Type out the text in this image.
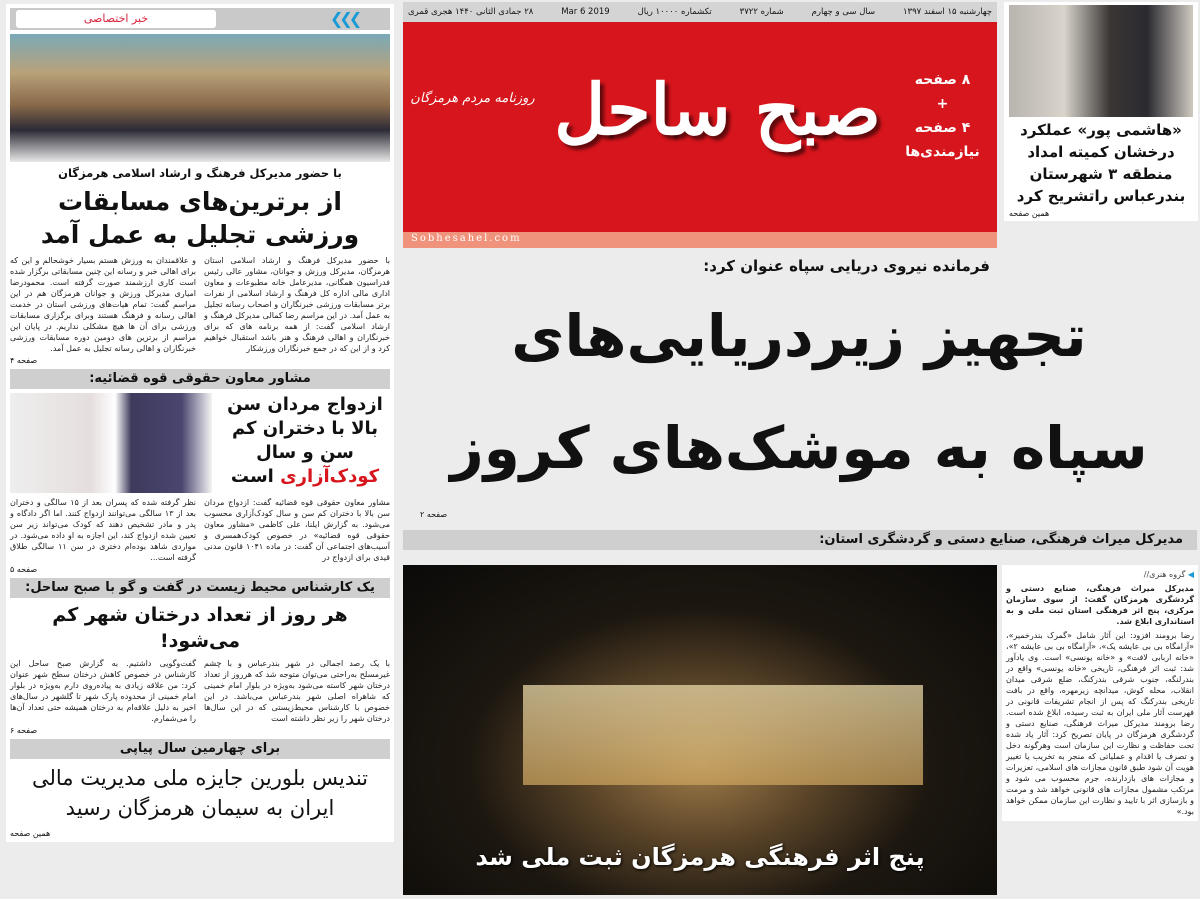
❮❮❮
خبر اختصاصی
با حضور مدیرکل فرهنگ و ارشاد اسلامی هرمزگان
از برترین‌های مسابقات ورزشی تجلیل به عمل آمد
با حضور مدیرکل فرهنگ و ارشاد اسلامی استان هرمزگان، مدیرکل ورزش و جوانان، مشاور عالی رئیس فدراسیون همگانی، مدیرعامل خانه مطبوعات و معاون اداری مالی اداره کل فرهنگ و ارشاد اسلامی از نفرات برتر مسابقات ورزشی خبرنگاران و اصحاب رسانه تجلیل به عمل آمد. در این مراسم رضا کمالی مدیرکل فرهنگ و ارشاد اسلامی گفت: از همه برنامه های که برای خبرنگاران و اهالی فرهنگ و هنر باشد استقبال خواهیم کرد و از این که در جمع خبرنگاران ورزشکار
و علاقمندان به ورزش هستم بسیار خوشحالم و این که برای اهالی خبر و رسانه این چنین مسابقاتی برگزار شده است کاری ارزشمند صورت گرفته است. محمودرضا امیاری مدیرکل ورزش و جوانان هرمزگان هم در این مراسم گفت: تمام هیات‌های ورزشی استان در خدمت اهالی رسانه و فرهنگ هستند وبرای برگزاری مسابقات ورزشی برای آن ها هیچ مشکلی نداریم. در پایان این مراسم از برترین های دومین دوره مسابقات ورزشی خبرنگاران و اهالی رسانه تجلیل به عمل آمد.
صفحه ۴
مشاور معاون حقوقی قوه قضائیه:
ازدواج مردان سن بالا با دختران کم سن و سال
کودک‌آزاری است
مشاور معاون حقوقی قوه قضائیه گفت: ازدواج مردان سن بالا با دختران کم سن و سال کودک‌آزاری محسوب می‌شود. به گزارش ایلنا، علی کاظمی «مشاور معاون حقوقی قوه قضائیه» در خصوص کودک‌همسری و آسیب‌های اجتماعی آن گفت: در ماده ۱۰۴۱ قانون مدنی قیدی برای ازدواج در
نظر گرفته شده که پسران بعد از ۱۵ سالگی و دختران بعد از ۱۳ سالگی می‌توانند ازدواج کنند. اما اگر دادگاه و پدر و مادر تشخیص دهند که کودک می‌تواند زیر سن تعیین شده ازدواج کند، این اجازه به او داده می‌شود. در مواردی شاهد بوده‌ام دختری در سن ۱۱ سالگی طلاق گرفته است...
صفحه ۵
یک کارشناس محیط زیست در گفت و گو با صبح ساحل:
هر روز از تعداد درختان شهر کم می‌شود!
با یک رصد اجمالی در شهر بندرعباس و با چشم غیرمسلح به‌راحتی می‌توان متوجه شد که هرروز از تعداد درختان شهر کاسته می‌شود به‌ویژه در بلوار امام خمینی که شاهراه اصلی شهر بندرعباس می‌باشد. در این خصوص با کارشناس محیط‌زیستی که در این سال‌ها درختان شهر را زیر نظر داشته است
گفت‌وگویی داشتیم. به گزارش صبح ساحل این کارشناس در خصوص کاهش درختان سطح شهر عنوان کرد: من علاقه زیادی به پیاده‌روی دارم به‌ویژه در بلوار امام خمینی از محدوده پارک شهر تا گلشهر در سال‌های اخیر به دلیل علاقه‌ام به درختان همیشه حتی تعداد آن‌ها را می‌شمارم.
صفحه ۶
برای چهارمین سال پیاپی
تندیس بلورین جایزه ملی مدیریت مالی ایران به سیمان هرمزگان رسید
همین صفحه
چهارشنبه ۱۵ اسفند ۱۳۹۷
سال سی و چهارم
شماره ۳۷۲۲
تکشماره ۱۰۰۰۰ ریال
Mar 6 2019
۲۸ جمادی الثانی ۱۴۴۰ هجری قمری
Sobhesahel.com
صبح ساحل
روزنامه مردم هرمزگان
۸ صفحه
+
۴ صفحه
نیازمندی‌ها
«هاشمی پور» عملکرد درخشان کمیته امداد منطقه ۳ شهرستان بندرعباس راتشریح کرد
همین صفحه
فرمانده نیروی دریایی سپاه عنوان کرد:
تجهیز زیردریایی‌های
سپاه به موشک‌های کروز
صفحه ۲
مدیرکل میراث فرهنگی، صنایع دستی و گردشگری استان:
پنج اثر فرهنگی هرمزگان ثبت ملی شد
◀ گروه هنری//
مدیرکل میراث فرهنگی، صنایع دستی و گردشگری هرمزگان گفت: از سوی سازمان مرکزی، پنج اثر فرهنگی استان ثبت ملی و به استانداری ابلاغ شد.
رضا برومند افزود: این آثار شامل «گمرک بندرخمیر»، «آرامگاه بی بی عایشه یک»، «آرامگاه بی بی عایشه ۲»، «خانه اربابی لافت» و «خانه یونسی» است. وی یادآور شد: ثبت اثر فرهنگی، تاریخی «خانه یونسی» واقع در بندرلنگه، جنوب شرقی بندرکنگ، ضلع شرقی میدان انقلاب، محله کوش، میدانچه زیرمهره، واقع در بافت تاریخی بندرکنگ که پس از انجام تشریفات قانونی در فهرست آثار ملی ایران به ثبت رسیده، ابلاغ شده است. رضا برومند مدیرکل میراث فرهنگی، صنایع دستی و گردشگری هرمزگان در پایان تصریح کرد: آثار یاد شده تحت حفاظت و نظارت این سازمان است وهرگونه دخل و تصرف یا اقدام و عملیاتی که منجر به تخریب یا تغییر هویت آن شود طبق قانون مجازات های اسلامی، تعزیرات و مجازات های بازدارنده، جرم محسوب می شود و مرتکب مشمول مجازات های قانونی خواهد شد و مرمت و بازسازی اثر با تایید و نظارت این سازمان ممکن خواهد بود.»
